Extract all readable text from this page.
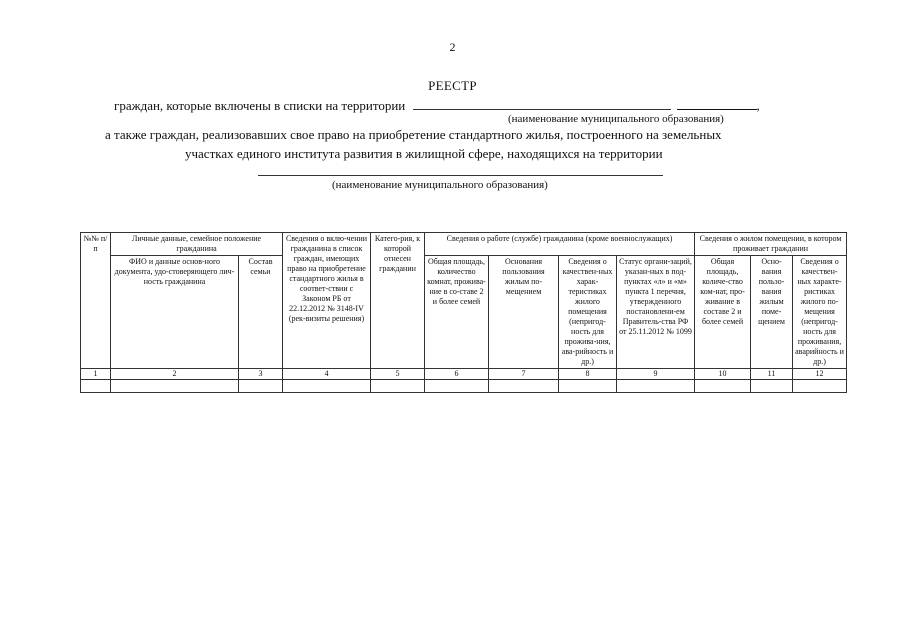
2
РЕЕСТР
граждан, которые включены в списки на территории	,
(наименование муниципального образования)
а также граждан, реализовавших свое право на приобретение стандартного жилья, построенного на земельных
участках единого института развития в жилищной сфере, находящихся на территории
(наименование муниципального образования)
№№ п/п	Личные данные, семейное положение гражданина		Сведения о вклю-чении гражданина в список граждан, имеющих право на приобретение стандартного жилья в соответ-ствии с Законом РБ от 22.12.2012 № 3148-IV (рек-визиты решения)	Катего-рия, к которой отнесен гражданин	Сведения о работе (службе) гражданина (кроме военнослужащих)				Сведения о жилом помещении, в котором проживает гражданин		
	ФИО и данные основ-ного документа, удо-стоверяющего лич-ность гражданина	Состав семьи			Общая площадь, количество комнат, прожива-ние в со-ставе 2 и более семей	Основания пользования жилым по-мещением	Сведения о качествен-ных харак-теристиках жилого помещения (непригод-ность для прожива-ния, ава-рийность и др.)	Статус органи-заций, указан-ных в под-пунктах «л» и «м» пункта 1 перечня, утвержденного постановлени-ем Правитель-ства РФ от 25.11.2012 № 1099	Общая площадь, количе-ство ком-нат, про-живание в составе 2 и более семей	Осно-вания пользо-вания жилым поме-щением	Сведения о качествен-ных характе-ристиках жилого по-мещения (непригод-ность для проживания, аварийность и др.)
1	2	3	4	5	6	7	8	9	10	11	12
